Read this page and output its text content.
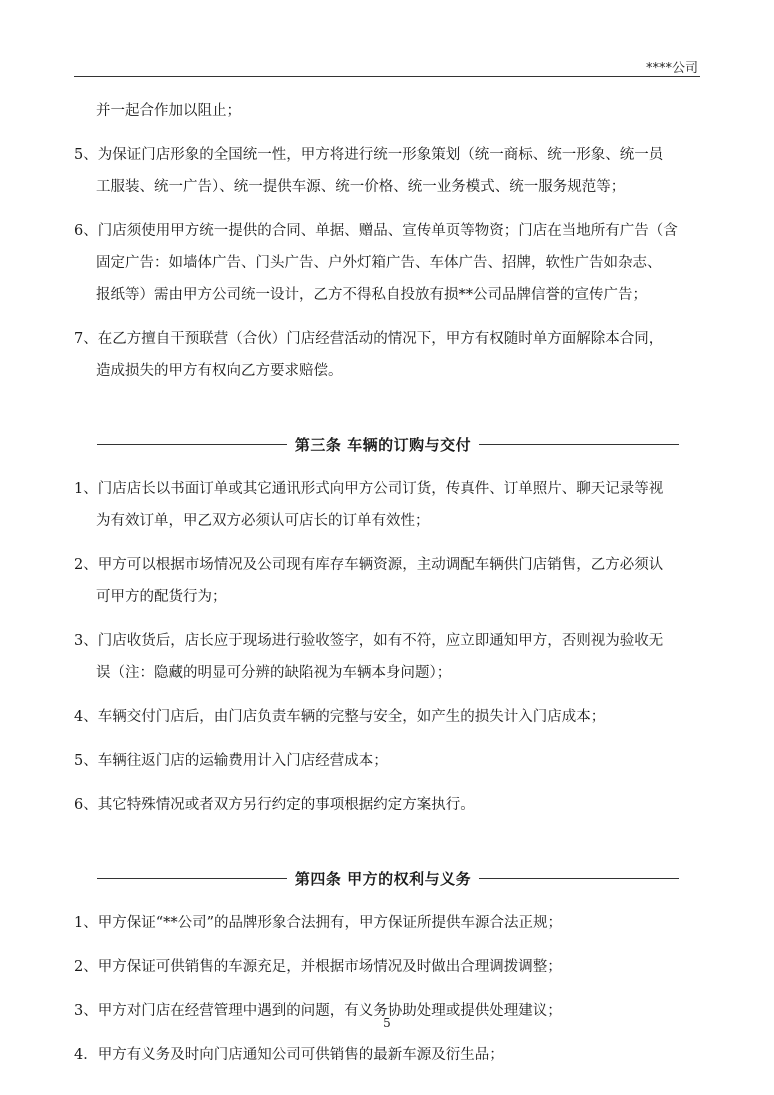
****公司

并一起合作加以阻止；

5、为保证门店形象的全国统一性，甲方将进行统一形象策划（统一商标、统一形象、统一员

工服装、统一广告）、统一提供车源、统一价格、统一业务模式、统一服务规范等；

6、门店须使用甲方统一提供的合同、单据、赠品、宣传单页等物资；门店在当地所有广告（含

固定广告：如墙体广告、门头广告、户外灯箱广告、车体广告、招牌，软性广告如杂志、

报纸等）需由甲方公司统一设计，乙方不得私自投放有损**公司品牌信誉的宣传广告；

7、在乙方擅自干预联营（合伙）门店经营活动的情况下，甲方有权随时单方面解除本合同，

造成损失的甲方有权向乙方要求赔偿。

第三条 车辆的订购与交付

1、门店店长以书面订单或其它通讯形式向甲方公司订货，传真件、订单照片、聊天记录等视

为有效订单，甲乙双方必须认可店长的订单有效性；

2、甲方可以根据市场情况及公司现有库存车辆资源，主动调配车辆供门店销售，乙方必须认

可甲方的配货行为；

3、门店收货后，店长应于现场进行验收签字，如有不符，应立即通知甲方，否则视为验收无

误（注：隐藏的明显可分辨的缺陷视为车辆本身问题）；

4、车辆交付门店后，由门店负责车辆的完整与安全，如产生的损失计入门店成本；

5、车辆往返门店的运输费用计入门店经营成本；

6、其它特殊情况或者双方另行约定的事项根据约定方案执行。

第四条 甲方的权利与义务

1、甲方保证“**公司”的品牌形象合法拥有，甲方保证所提供车源合法正规；

2、甲方保证可供销售的车源充足，并根据市场情况及时做出合理调拨调整；

3、甲方对门店在经营管理中遇到的问题，有义务协助处理或提供处理建议；

4．甲方有义务及时向门店通知公司可供销售的最新车源及衍生品；

5
